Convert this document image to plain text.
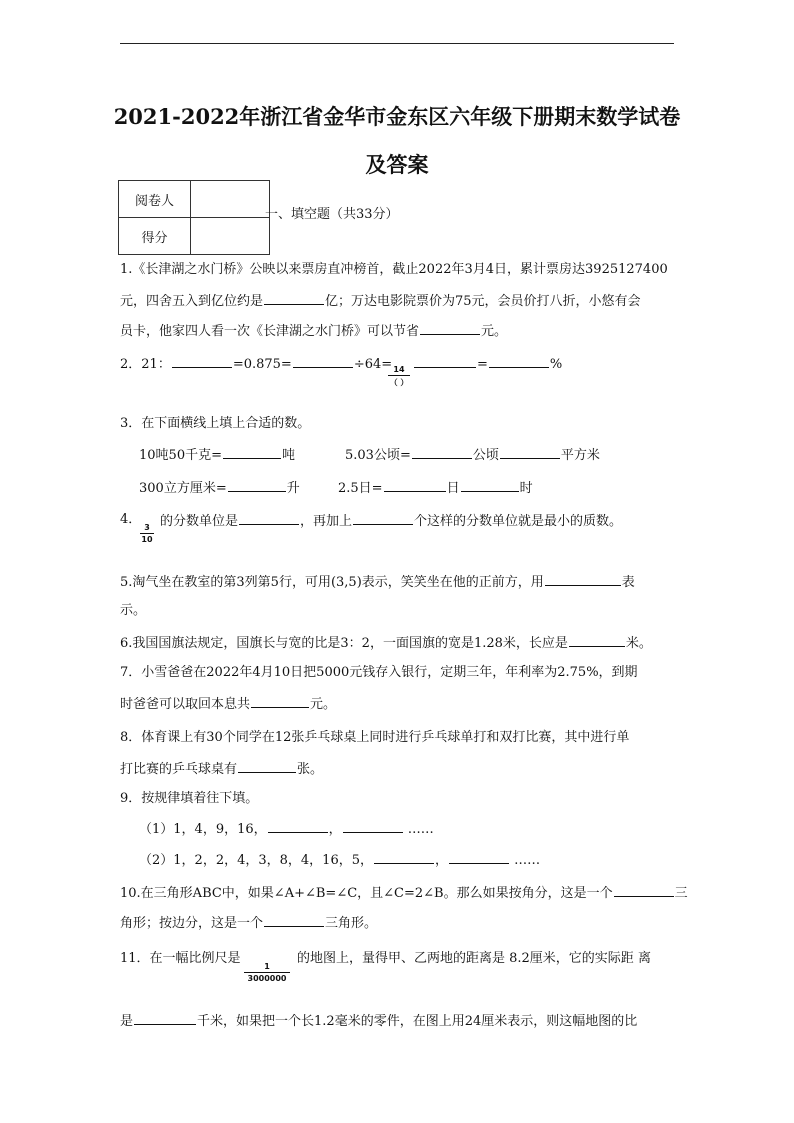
2021-2022年浙江省金华市金东区六年级下册期末数学试卷
及答案
阅卷人	
得分	
一、填空题（共33分）
1.《长津湖之水门桥》公映以来票房直冲榜首，截止2022年3月4日，累计票房达3925127400
元，四舍五入到亿位约是	亿；万达电影院票价为75元，会员价打八折，小悠有会
员卡，他家四人看一次《长津湖之水门桥》可以节省	元。
2．21：	=0.875=	÷64= 14
（ ）
=	%
3．在下面横线上填上合适的数。
10吨50千克=	吨	5.03公顷=	公顷	平方米
300立方厘米=	升	2.5日=	日	时
4．
3
10
的分数单位是	，再加上	个这样的分数单位就是最小的质数。
5.淘气坐在教室的第3列第5行，可用(3,5)表示，笑笑坐在他的正前方，用	表
示。
6.我国国旗法规定，国旗长与宽的比是3：2，一面国旗的宽是1.28米，长应是	米。
7．小雪爸爸在2022年4月10日把5000元钱存入银行，定期三年，年利率为2.75%，到期
时爸爸可以取回本息共	元。
8．体育课上有30个同学在12张乒乓球桌上同时进行乒乓球单打和双打比赛，其中进行单
打比赛的乒乓球桌有	张。
9．按规律填着往下填。
（1）1，4，9，16，	，	……
（2）1，2，2，4，3，8，4，16，5，	，	……
10.在三角形ABC中，如果∠A+∠B=∠C，且∠C=2∠B。那么如果按角分，这是一个	三
角形；按边分，这是一个	三角形。
11．在一幅比例尺是
1
3000000
的地图上，量得甲、乙两地的距离是 8.2厘米，它的实际距 离
是	千米，如果把一个长1.2毫米的零件，在图上用24厘米表示，则这幅地图的比
